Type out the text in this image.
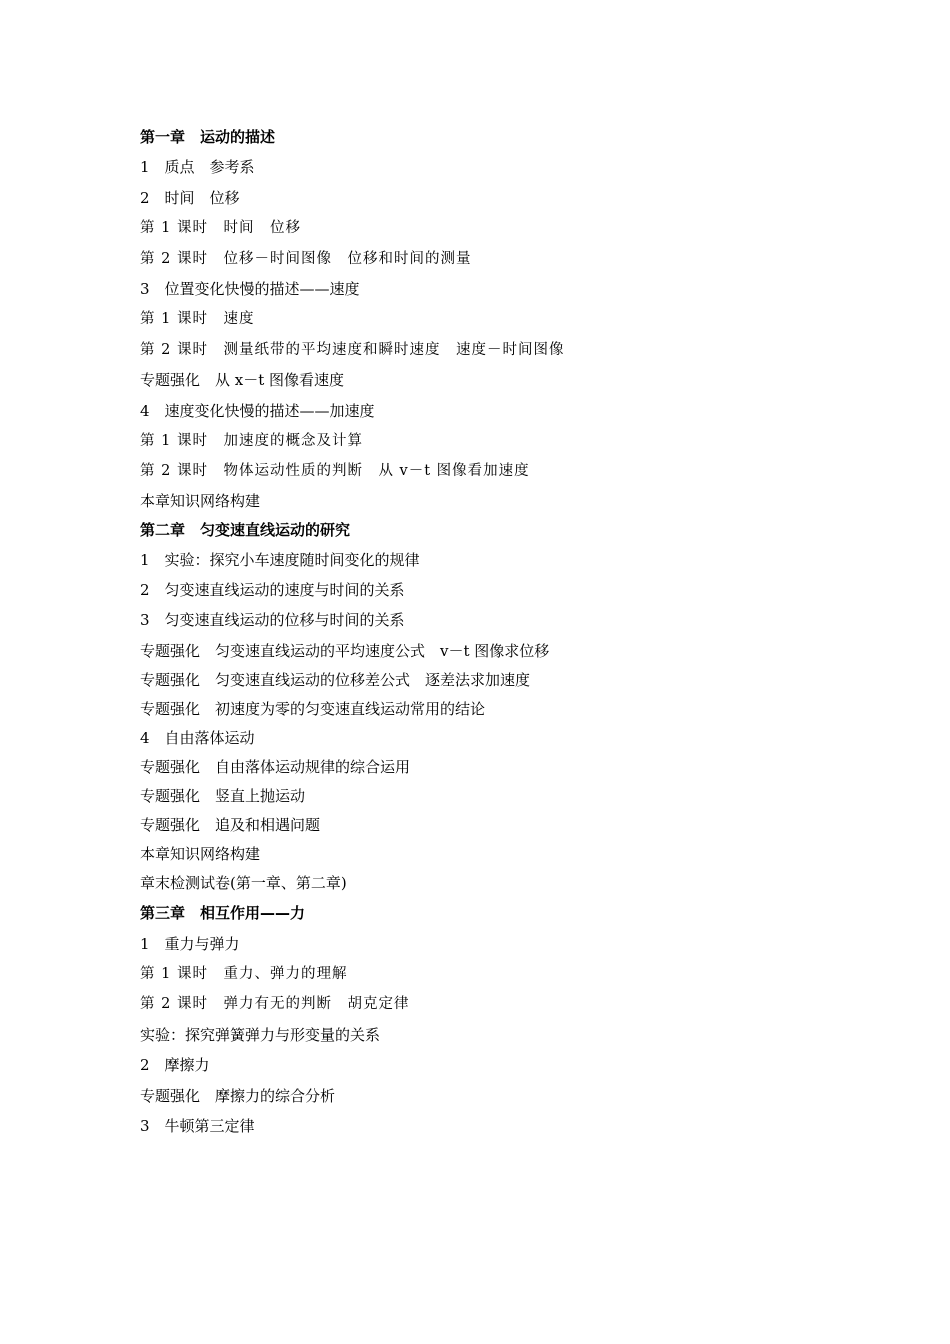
第一章　运动的描述
1　质点　参考系
2　时间　位移
第 1 课时　时间　位移
第 2 课时　位移－时间图像　位移和时间的测量
3　位置变化快慢的描述——速度
第 1 课时　速度
第 2 课时　测量纸带的平均速度和瞬时速度　速度－时间图像
专题强化　从 x－t 图像看速度
4　速度变化快慢的描述——加速度
第 1 课时　加速度的概念及计算
第 2 课时　物体运动性质的判断　从 v－t 图像看加速度
本章知识网络构建
第二章　匀变速直线运动的研究
1　实验：探究小车速度随时间变化的规律
2　匀变速直线运动的速度与时间的关系
3　匀变速直线运动的位移与时间的关系
专题强化　匀变速直线运动的平均速度公式　v－t 图像求位移
专题强化　匀变速直线运动的位移差公式　逐差法求加速度
专题强化　初速度为零的匀变速直线运动常用的结论
4　自由落体运动
专题强化　自由落体运动规律的综合运用
专题强化　竖直上抛运动
专题强化　追及和相遇问题
本章知识网络构建
章末检测试卷(第一章、第二章)
第三章　相互作用——力
1　重力与弹力
第 1 课时　重力、弹力的理解
第 2 课时　弹力有无的判断　胡克定律
实验：探究弹簧弹力与形变量的关系
2　摩擦力
专题强化　摩擦力的综合分析
3　牛顿第三定律
